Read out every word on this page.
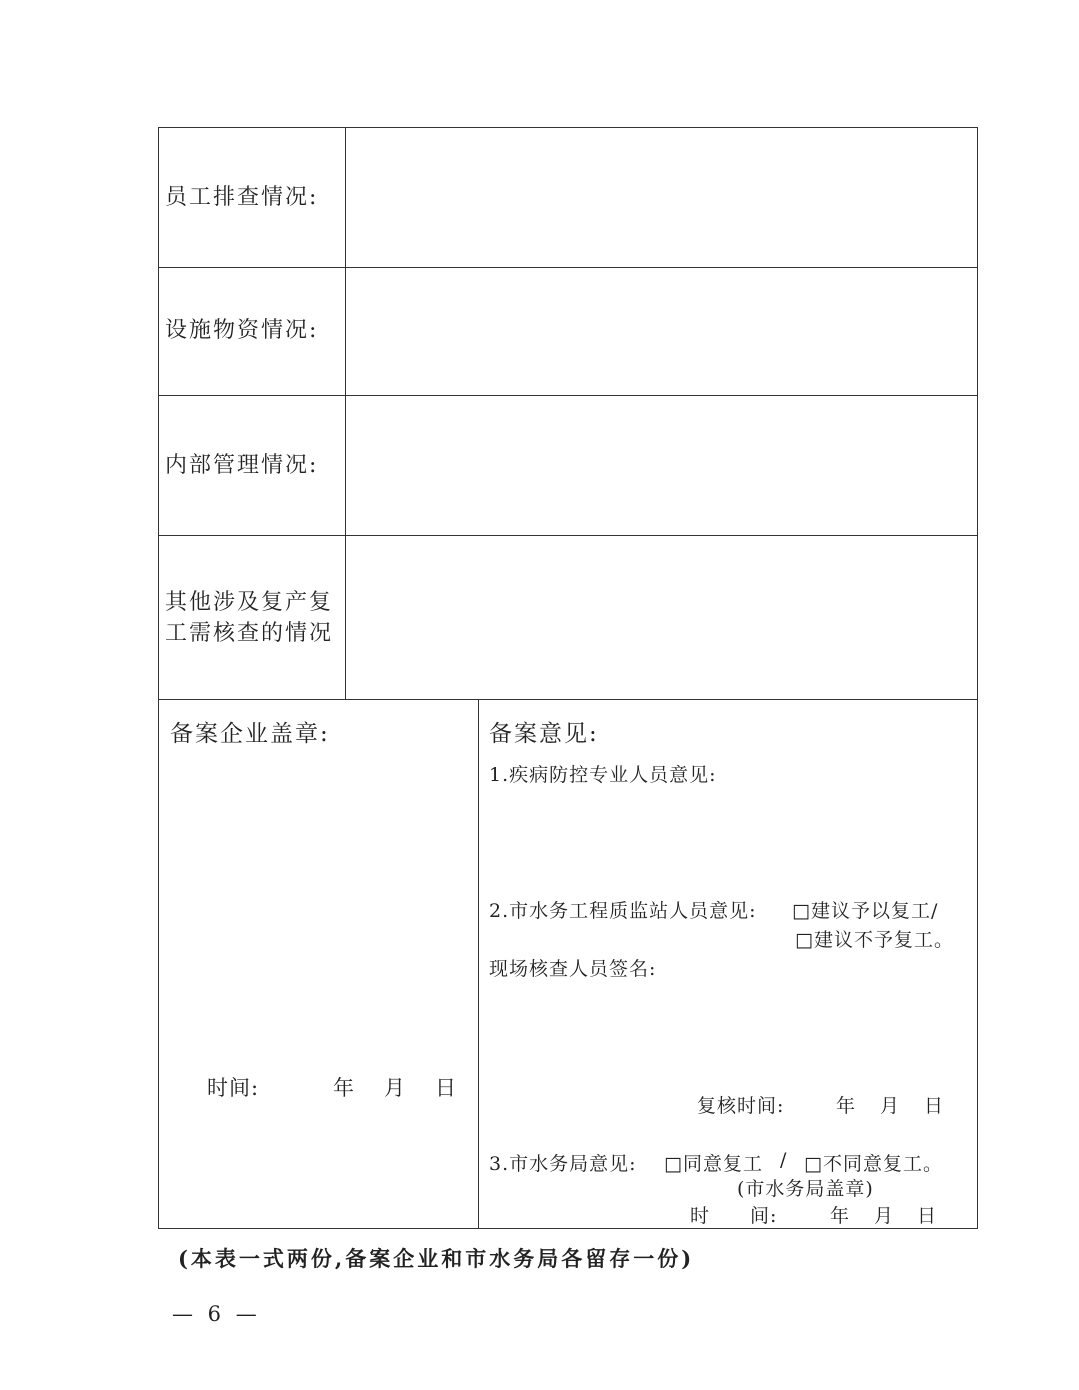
员工排查情况:
设施物资情况:
内部管理情况:
其他涉及复产复
工需核查的情况
备案企业盖章:
时间:	年 月 日
备案意见:
1.疾病防控专业人员意见:
2.市水务工程质监站人员意见: □建议予以复工/
□建议不予复工。
现场核查人员签名:
复核时间:	年 月 日
3.市水务局意见: □同意复工 / □不同意复工。
(市水务局盖章)
时　　间:	年 月 日
(本表一式两份,备案企业和市水务局各留存一份)
— 6 —
